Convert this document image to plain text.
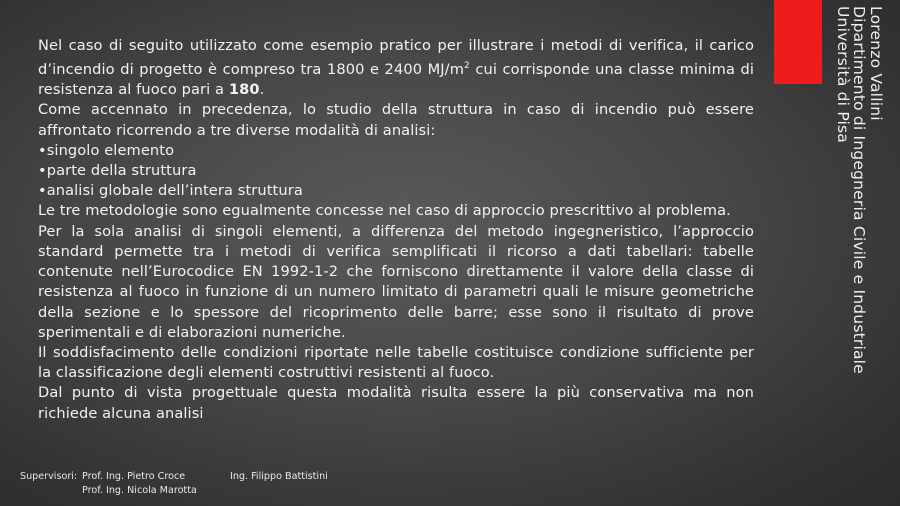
Lorenzo Vallini
Dipartimento di Ingegneria Civile e Industriale
Università di Pisa

Nel caso di seguito utilizzato come esempio pratico per illustrare i metodi di verifica, il carico d’incendio di progetto è compreso tra 1800 e 2400 $MJ/m^2$ cui corrisponde una classe minima di resistenza al fuoco pari a 180.

Come accennato in precedenza, lo studio della struttura in caso di incendio può essere affrontato ricorrendo a tre diverse modalità di analisi:

•singolo elemento
•parte della struttura
•analisi globale dell’intera struttura

Le tre metodologie sono egualmente concesse nel caso di approccio prescrittivo al problema.

Per la sola analisi di singoli elementi, a differenza del metodo ingegneristico, l’approccio standard permette tra i metodi di verifica semplificati il ricorso a dati tabellari: tabelle contenute nell’Eurocodice EN 1992-1-2 che forniscono direttamente il valore della classe di resistenza al fuoco in funzione di un numero limitato di parametri quali le misure geometriche della sezione e lo spessore del ricoprimento delle barre; esse sono il risultato di prove sperimentali e di elaborazioni numeriche.

Il soddisfacimento delle condizioni riportate nelle tabelle costituisce condizione sufficiente per la classificazione degli elementi costruttivi resistenti al fuoco.

Dal punto di vista progettuale questa modalità risulta essere la più conservativa ma non richiede alcuna analisi

Supervisori: Prof. Ing. Pietro Croce	Ing. Filippo Battistini
Prof. Ing. Nicola Marotta
